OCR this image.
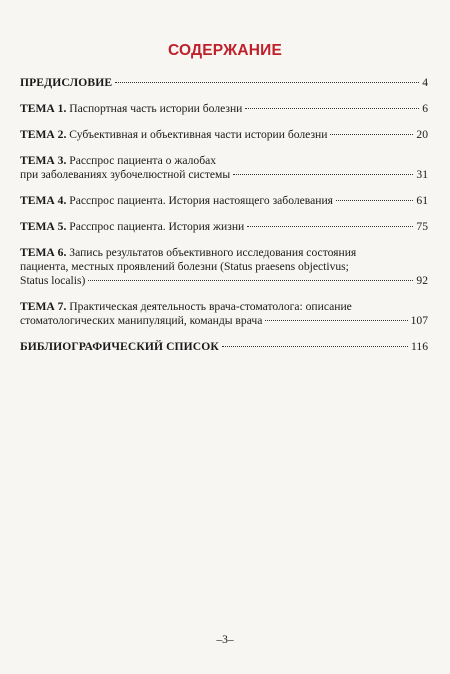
СОДЕРЖАНИЕ
ПРЕДИСЛОВИЕ	4
ТЕМА 1. Паспортная часть истории болезни	6
ТЕМА 2. Субъективная и объективная части истории болезни	20
ТЕМА 3. Расспрос пациента о жалобах
при заболеваниях зубочелюстной системы	31
ТЕМА 4. Расспрос пациента. История настоящего заболевания	61
ТЕМА 5. Расспрос пациента. История жизни	75
ТЕМА 6. Запись результатов объективного исследования состояния
пациента, местных проявлений болезни (Status praesens objectivus;
Status localis)	92
ТЕМА 7. Практическая деятельность врача-стоматолога: описание
стоматологических манипуляций, команды врача	107
БИБЛИОГРАФИЧЕСКИЙ СПИСОК	116
–3–
